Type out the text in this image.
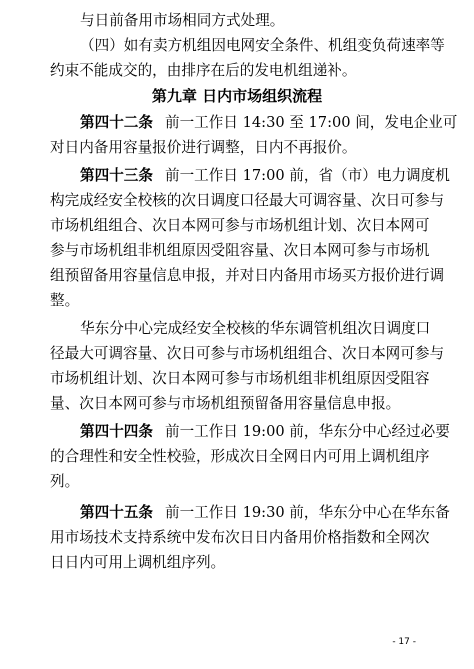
与日前备用市场相同方式处理。

（四）如有卖方机组因电网安全条件、机组变负荷速率等

约束不能成交的，由排序在后的发电机组递补。

第九章 日内市场组织流程

第四十二条 前一工作日 14:30 至 17:00 间，发电企业可

对日内备用容量报价进行调整，日内不再报价。

第四十三条 前一工作日 17:00 前，省（市）电力调度机

构完成经安全校核的次日调度口径最大可调容量、次日可参与

市场机组组合、次日本网可参与市场机组计划、次日本网可

参与市场机组非机组原因受阻容量、次日本网可参与市场机

组预留备用容量信息申报，并对日内备用市场买方报价进行调

整。

华东分中心完成经安全校核的华东调管机组次日调度口

径最大可调容量、次日可参与市场机组组合、次日本网可参与

市场机组计划、次日本网可参与市场机组非机组原因受阻容

量、次日本网可参与市场机组预留备用容量信息申报。

第四十四条 前一工作日 19:00 前，华东分中心经过必要

的合理性和安全性校验，形成次日全网日内可用上调机组序

列。

第四十五条 前一工作日 19:30 前，华东分中心在华东备

用市场技术支持系统中发布次日日内备用价格指数和全网次

日日内可用上调机组序列。

- 17 -
